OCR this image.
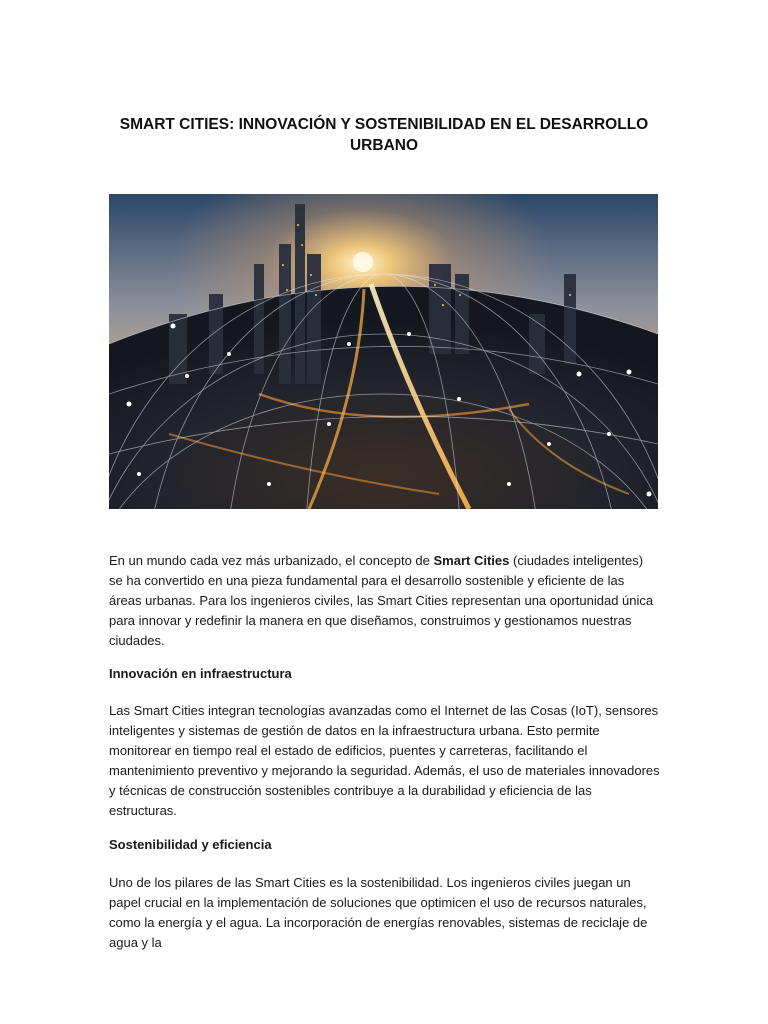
SMART CITIES: INNOVACIÓN Y SOSTENIBILIDAD EN EL DESARROLLO URBANO

En un mundo cada vez más urbanizado, el concepto de Smart Cities (ciudades inteligentes) se ha convertido en una pieza fundamental para el desarrollo sostenible y eficiente de las áreas urbanas. Para los ingenieros civiles, las Smart Cities representan una oportunidad única para innovar y redefinir la manera en que diseñamos, construimos y gestionamos nuestras ciudades.

Innovación en infraestructura

Las Smart Cities integran tecnologías avanzadas como el Internet de las Cosas (IoT), sensores inteligentes y sistemas de gestión de datos en la infraestructura urbana. Esto permite monitorear en tiempo real el estado de edificios, puentes y carreteras, facilitando el mantenimiento preventivo y mejorando la seguridad. Además, el uso de materiales innovadores y técnicas de construcción sostenibles contribuye a la durabilidad y eficiencia de las estructuras.

Sostenibilidad y eficiencia

Uno de los pilares de las Smart Cities es la sostenibilidad. Los ingenieros civiles juegan un papel crucial en la implementación de soluciones que optimicen el uso de recursos naturales, como la energía y el agua. La incorporación de energías renovables, sistemas de reciclaje de agua y la
